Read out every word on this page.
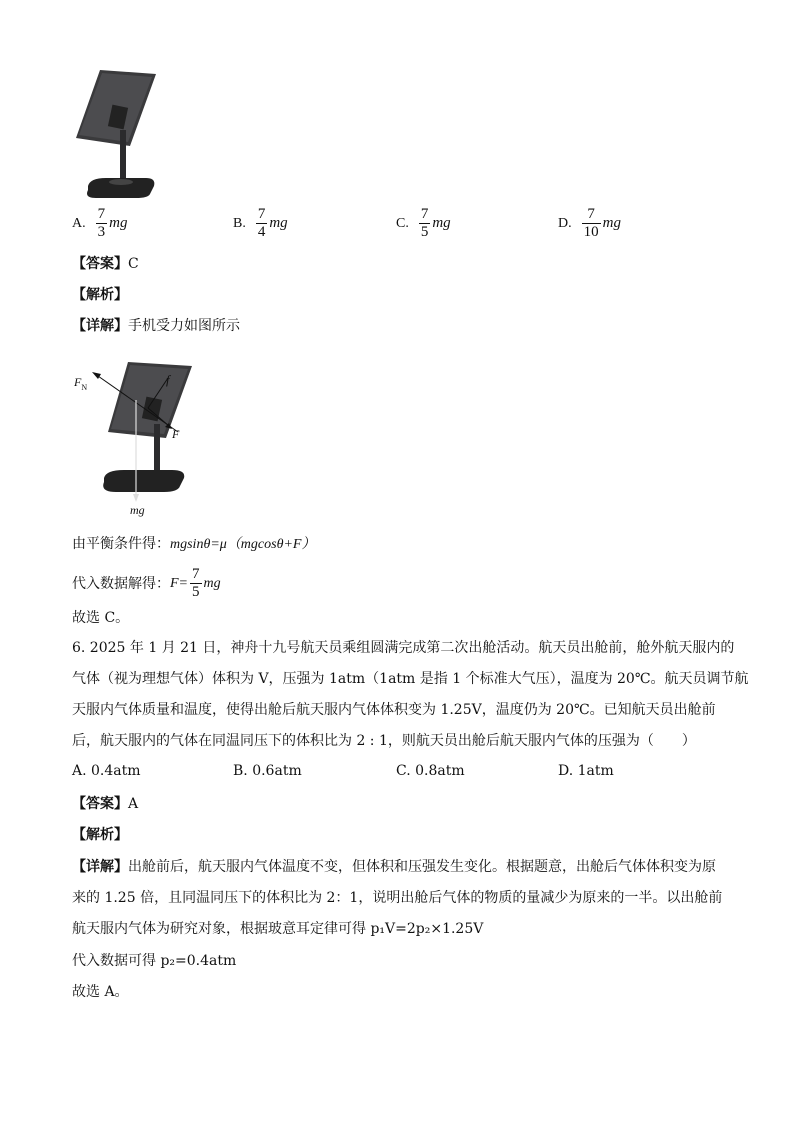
A. $\frac{7}{3}$ mg	B. $\frac{7}{4}$ mg	C. $\frac{7}{5}$ mg	D. $\frac{7}{10}$ mg
【答案】C
【解析】
【详解】手机受力如图所示
$F_N$
f
F
mg
由平衡条件得：mgsinθ=μ（mgcosθ+F）
代入数据解得： $F= \frac{7}{5}$ mg
故选 C。
6. 2025 年 1 月 21 日，神舟十九号航天员乘组圆满完成第二次出舱活动。航天员出舱前，舱外航天服内的
气体（视为理想气体）体积为 V，压强为 1atm（1atm 是指 1 个标准大气压），温度为 20℃。航天员调节航
天服内气体质量和温度，使得出舱后航天服内气体体积变为 1.25V，温度仍为 20℃。已知航天员出舱前
后，航天服内的气体在同温同压下的体积比为 2 : 1，则航天员出舱后航天服内气体的压强为（　　）
A. 0.4atm	B. 0.6atm	C. 0.8atm	D. 1atm
【答案】A
【解析】
【详解】出舱前后，航天服内气体温度不变，但体积和压强发生变化。根据题意，出舱后气体体积变为原
来的 1.25 倍，且同温同压下的体积比为 2：1，说明出舱后气体的物质的量减少为原来的一半。以出舱前
航天服内气体为研究对象，根据玻意耳定律可得 p₁V=2p₂×1.25V
代入数据可得 p₂=0.4atm
故选 A。
